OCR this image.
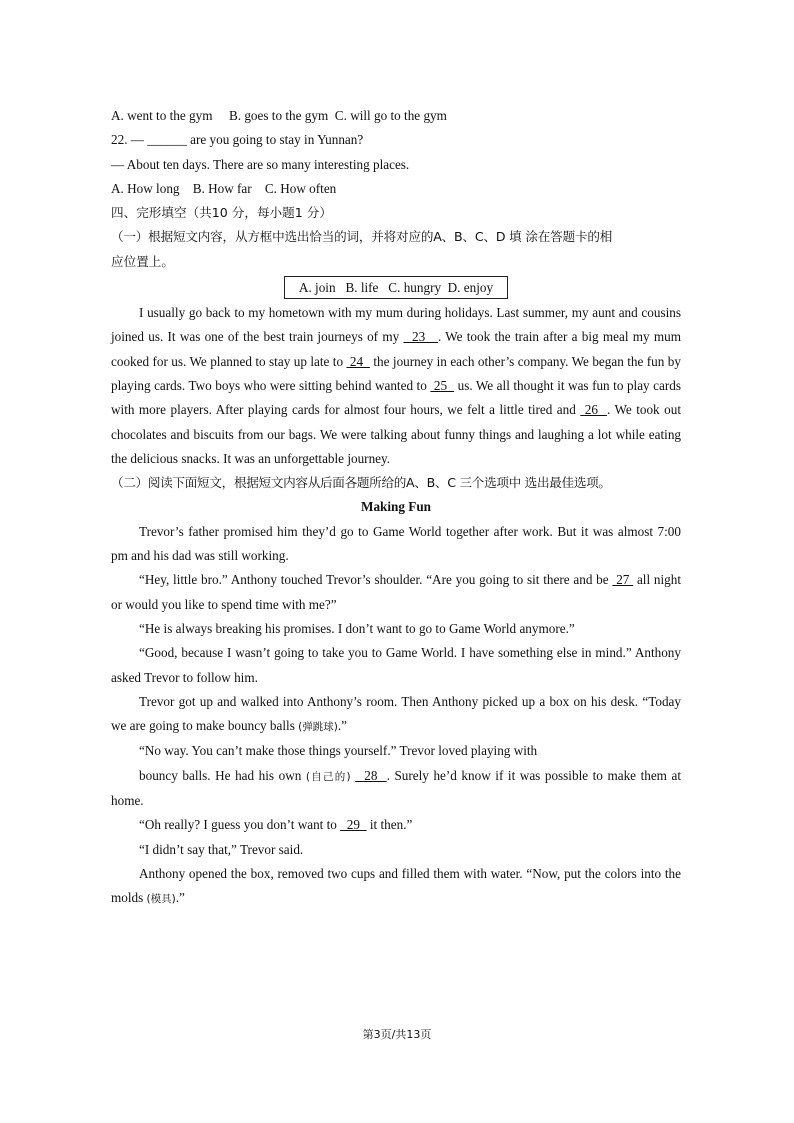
A. went to the gym     B. goes to the gym  C. will go to the gym
22. — ______ are you going to stay in Yunnan?
— About ten days. There are so many interesting places.
A. How long    B. How far    C. How often
四、完形填空（共10 分，每小题1 分）
（一）根据短文内容，从方框中选出恰当的词，并将对应的A、B、C、D 填 涂在答题卡的相
应位置上。
A. join   B. life   C. hungry  D. enjoy
I usually go back to my hometown with my mum during holidays. Last summer, my aunt and cousins joined us. It was one of the best train journeys of my   23   . We took the train after a big meal my mum cooked for us. We planned to stay up late to  24   the journey in each other’s company. We began the fun by playing cards. Two boys who were sitting behind wanted to  25   us. We all thought it was fun to play cards with more players. After playing cards for almost four hours, we felt a little tired and  26  . We took out chocolates and biscuits from our bags. We were talking about funny things and laughing a lot while eating the delicious snacks. It was an unforgettable journey.
（二）阅读下面短文，根据短文内容从后面各题所给的A、B、C 三个选项中 选出最佳选项。
Making Fun
Trevor’s father promised him they’d go to Game World together after work. But it was almost 7:00 pm and his dad was still working.
“Hey, little bro.” Anthony touched Trevor’s shoulder. “Are you going to sit there and be  27  all night or would you like to spend time with me?”
“He is always breaking his promises. I don’t want to go to Game World anymore.”
“Good, because I wasn’t going to take you to Game World. I have something else in mind.” Anthony asked Trevor to follow him.
Trevor got up and walked into Anthony’s room. Then Anthony picked up a box on his desk. “Today we are going to make bouncy balls (弹跳球).”
“No way. You can’t make those things yourself.” Trevor loved playing with
bouncy balls. He had his own (自己的)   28  . Surely he’d know if it was possible to make them at home.
“Oh really? I guess you don’t want to   29   it then.”
“I didn’t say that,” Trevor said.
Anthony opened the box, removed two cups and filled them with water. “Now, put the colors into the molds (模具).”
第3页/共13页
